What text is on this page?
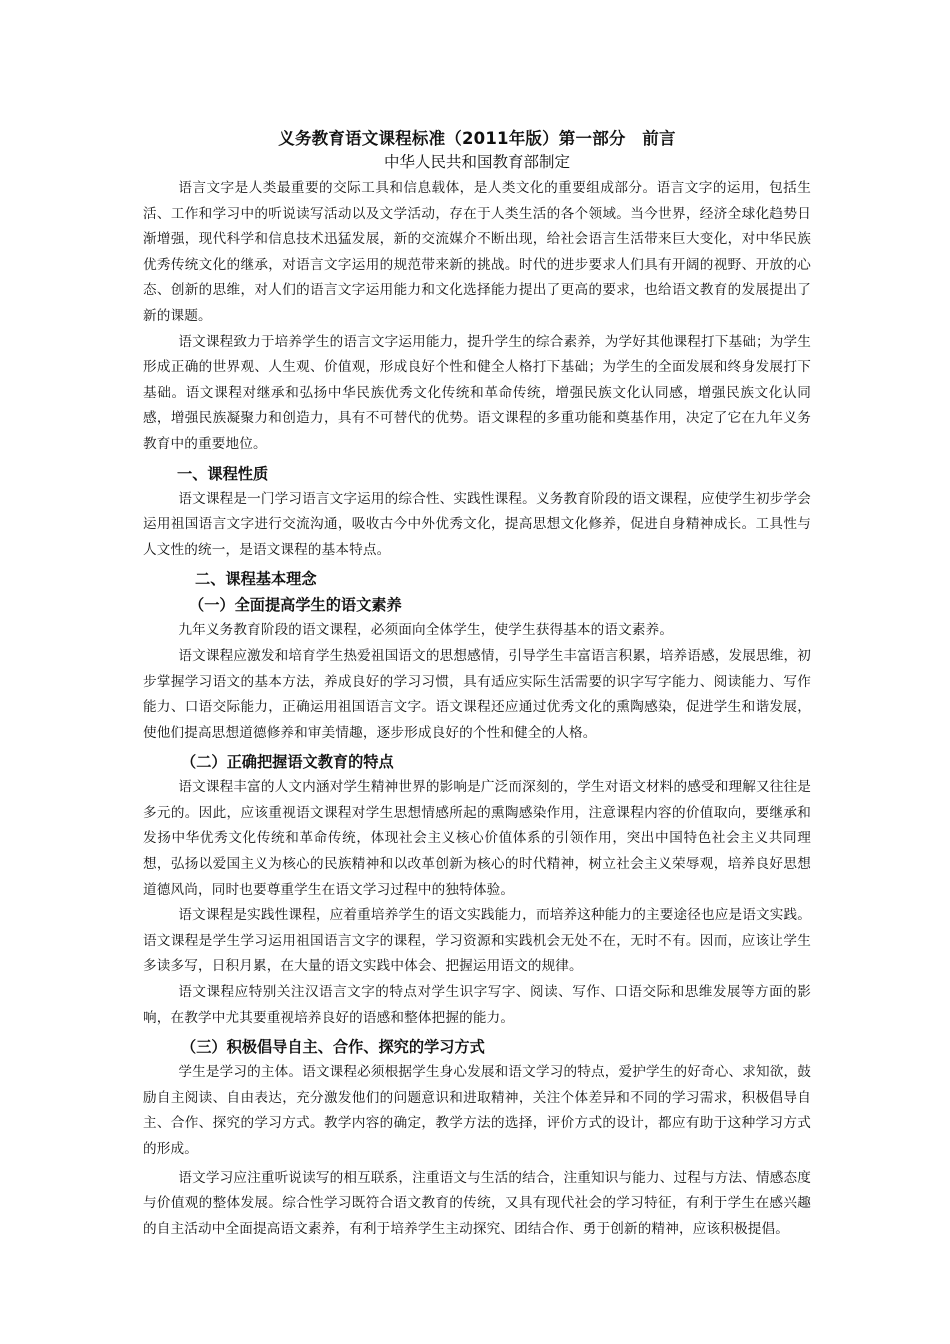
义务教育语文课程标准（2011年版）第一部分　前言
中华人民共和国教育部制定

语言文字是人类最重要的交际工具和信息载体，是人类文化的重要组成部分。语言文字的运用，包括生活、工作和学习中的听说读写活动以及文学活动，存在于人类生活的各个领域。当今世界，经济全球化趋势日渐增强，现代科学和信息技术迅猛发展，新的交流媒介不断出现，给社会语言生活带来巨大变化，对中华民族优秀传统文化的继承，对语言文字运用的规范带来新的挑战。时代的进步要求人们具有开阔的视野、开放的心态、创新的思维，对人们的语言文字运用能力和文化选择能力提出了更高的要求，也给语文教育的发展提出了新的课题。

语文课程致力于培养学生的语言文字运用能力，提升学生的综合素养，为学好其他课程打下基础；为学生形成正确的世界观、人生观、价值观，形成良好个性和健全人格打下基础；为学生的全面发展和终身发展打下基础。语文课程对继承和弘扬中华民族优秀文化传统和革命传统，增强民族文化认同感，增强民族文化认同感，增强民族凝聚力和创造力，具有不可替代的优势。语文课程的多重功能和奠基作用，决定了它在九年义务教育中的重要地位。

一、课程性质

语文课程是一门学习语言文字运用的综合性、实践性课程。义务教育阶段的语文课程，应使学生初步学会运用祖国语言文字进行交流沟通，吸收古今中外优秀文化，提高思想文化修养，促进自身精神成长。工具性与人文性的统一，是语文课程的基本特点。

二、课程基本理念
（一）全面提高学生的语文素养

九年义务教育阶段的语文课程，必须面向全体学生，使学生获得基本的语文素养。

语文课程应激发和培育学生热爱祖国语文的思想感情，引导学生丰富语言积累，培养语感，发展思维，初步掌握学习语文的基本方法，养成良好的学习习惯，具有适应实际生活需要的识字写字能力、阅读能力、写作能力、口语交际能力，正确运用祖国语言文字。语文课程还应通过优秀文化的熏陶感染，促进学生和谐发展，使他们提高思想道德修养和审美情趣，逐步形成良好的个性和健全的人格。

（二）正确把握语文教育的特点

语文课程丰富的人文内涵对学生精神世界的影响是广泛而深刻的，学生对语文材料的感受和理解又往往是多元的。因此，应该重视语文课程对学生思想情感所起的熏陶感染作用，注意课程内容的价值取向，要继承和发扬中华优秀文化传统和革命传统，体现社会主义核心价值体系的引领作用，突出中国特色社会主义共同理想，弘扬以爱国主义为核心的民族精神和以改革创新为核心的时代精神，树立社会主义荣辱观，培养良好思想道德风尚，同时也要尊重学生在语文学习过程中的独特体验。

语文课程是实践性课程，应着重培养学生的语文实践能力，而培养这种能力的主要途径也应是语文实践。语文课程是学生学习运用祖国语言文字的课程，学习资源和实践机会无处不在，无时不有。因而，应该让学生多读多写，日积月累，在大量的语文实践中体会、把握运用语文的规律。

语文课程应特别关注汉语言文字的特点对学生识字写字、阅读、写作、口语交际和思维发展等方面的影响，在教学中尤其要重视培养良好的语感和整体把握的能力。

（三）积极倡导自主、合作、探究的学习方式

学生是学习的主体。语文课程必须根据学生身心发展和语文学习的特点，爱护学生的好奇心、求知欲，鼓励自主阅读、自由表达，充分激发他们的问题意识和进取精神，关注个体差异和不同的学习需求，积极倡导自主、合作、探究的学习方式。教学内容的确定，教学方法的选择，评价方式的设计，都应有助于这种学习方式的形成。

语文学习应注重听说读写的相互联系，注重语文与生活的结合，注重知识与能力、过程与方法、情感态度与价值观的整体发展。综合性学习既符合语文教育的传统，又具有现代社会的学习特征，有利于学生在感兴趣的自主活动中全面提高语文素养，有利于培养学生主动探究、团结合作、勇于创新的精神，应该积极提倡。
